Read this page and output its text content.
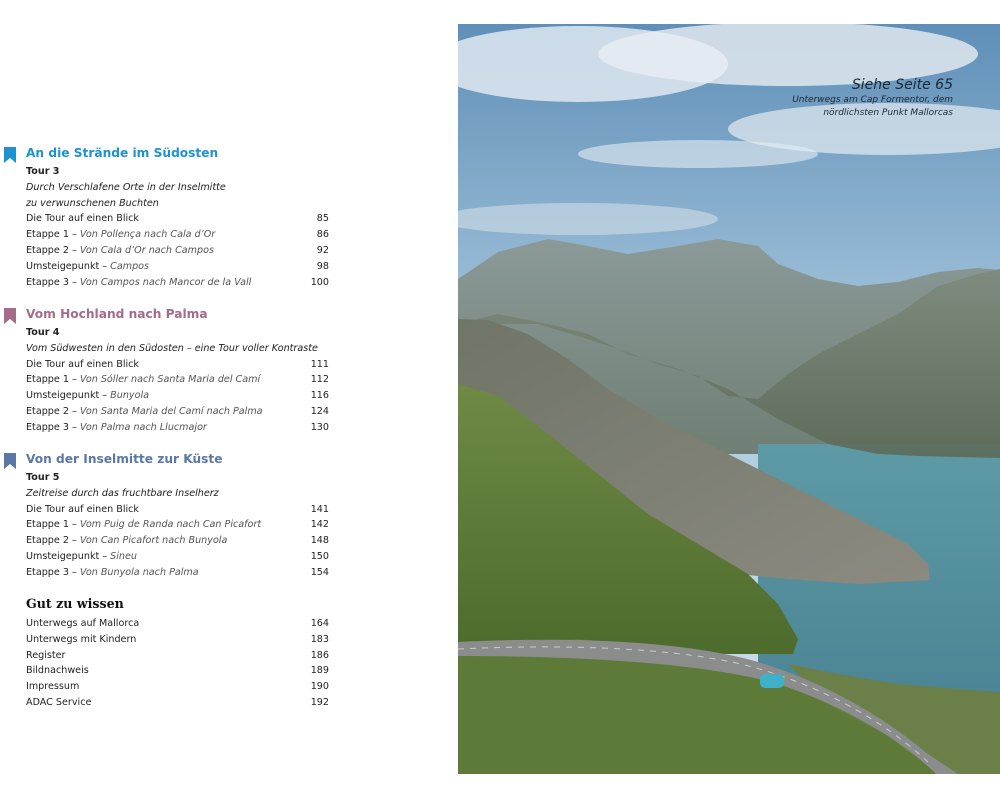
An die Strände im Südosten
Tour 3
Durch Verschlafene Orte in der Inselmitte
zu verwunschenen Buchten
Die Tour auf einen Blick	85
Etappe 1 – Von Pollença nach Cala d’Or	86
Etappe 2 – Von Cala d’Or nach Campos	92
Umsteigepunkt – Campos	98
Etappe 3 – Von Campos nach Mancor de la Vall	100
Vom Hochland nach Palma
Tour 4
Vom Südwesten in den Südosten – eine Tour voller Kontraste
Die Tour auf einen Blick	111
Etappe 1 – Von Sóller nach Santa Maria del Camí	112
Umsteigepunkt – Bunyola	116
Etappe 2 – Von Santa Maria del Camí nach Palma	124
Etappe 3 – Von Palma nach Llucmajor	130
Von der Inselmitte zur Küste
Tour 5
Zeitreise durch das fruchtbare Inselherz
Die Tour auf einen Blick	141
Etappe 1 – Vom Puig de Randa nach Can Picafort	142
Etappe 2 – Von Can Picafort nach Bunyola	148
Umsteigepunkt – Sineu	150
Etappe 3 – Von Bunyola nach Palma	154
Gut zu wissen
Unterwegs auf Mallorca	164
Unterwegs mit Kindern	183
Register	186
Bildnachweis	189
Impressum	190
ADAC Service	192
Siehe Seite 65
Unterwegs am Cap Formentor, dem nördlichsten Punkt Mallorcas
